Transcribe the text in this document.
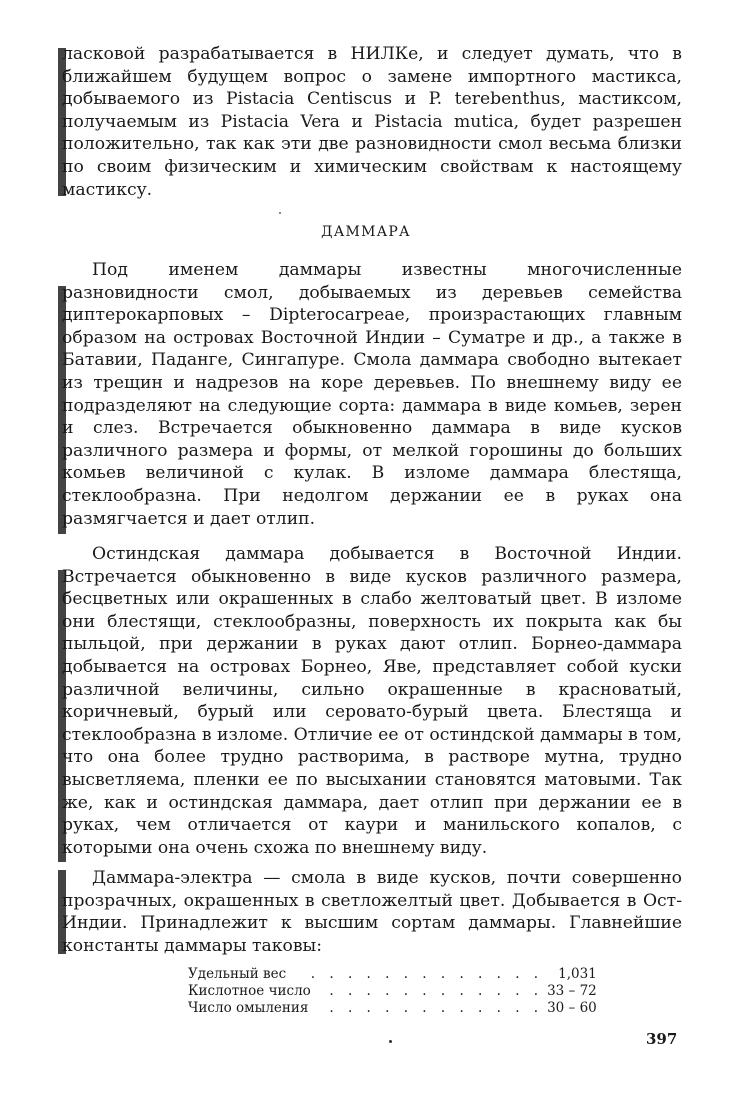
ласковой разрабатывается в НИЛКе, и следует думать, что в ближайшем будущем вопрос о замене импортного мастикса, добываемого из Pistacia Centiscus и P. terebenthus, мастиксом, получаемым из Pistacia Vera и Pistacia mutica, будет разрешен положительно, так как эти две разновидности смол весьма близки по своим физическим и химическим свойствам к настоящему мастиксу.

ДАММАРА

Под именем даммары известны многочисленные разновидности смол, добываемых из деревьев семейства диптерокарповых – Dipterocarpeae, произрастающих главным образом на островах Восточной Индии – Суматре и др., а также в Батавии, Паданге, Сингапуре. Смола даммара свободно вытекает из трещин и надрезов на коре деревьев. По внешнему виду ее подразделяют на следующие сорта: даммара в виде комьев, зерен и слез. Встречается обыкновенно даммара в виде кусков различного размера и формы, от мелкой горошины до больших комьев величиной с кулак. В изломе даммара блестяща, стеклообразна. При недолгом держании ее в руках она размягчается и дает отлип.

Остиндская даммара добывается в Восточной Индии. Встречается обыкновенно в виде кусков различного размера, бесцветных или окрашенных в слабо желтоватый цвет. В изломе они блестящи, стеклообразны, поверхность их покрыта как бы пыльцой, при держании в руках дают отлип. Борнео-даммара добывается на островах Борнео, Яве, представляет собой куски различной величины, сильно окрашенные в красноватый, коричневый, бурый или серовато-бурый цвета. Блестяща и стеклообразна в изломе. Отличие ее от остиндской даммары в том, что она более трудно растворима, в растворе мутна, трудно высветляема, пленки ее по высыхании становятся матовыми. Так же, как и остиндская даммара, дает отлип при держании ее в руках, чем отличается от каури и манильского копалов, с которыми она очень схожа по внешнему виду.

Даммара-электра — смола в виде кусков, почти совершенно прозрачных, окрашенных в светложелтый цвет. Добывается в Ост-Индии. Принадлежит к высшим сортам даммары. Главнейшие константы даммары таковы:

Удельный вес	. . . . . . . . . . . . .	1,031
Кислотное число	. . . . . . . . . . . .	33 – 72
Число омыления	. . . . . . . . . . . .	30 – 60
397
